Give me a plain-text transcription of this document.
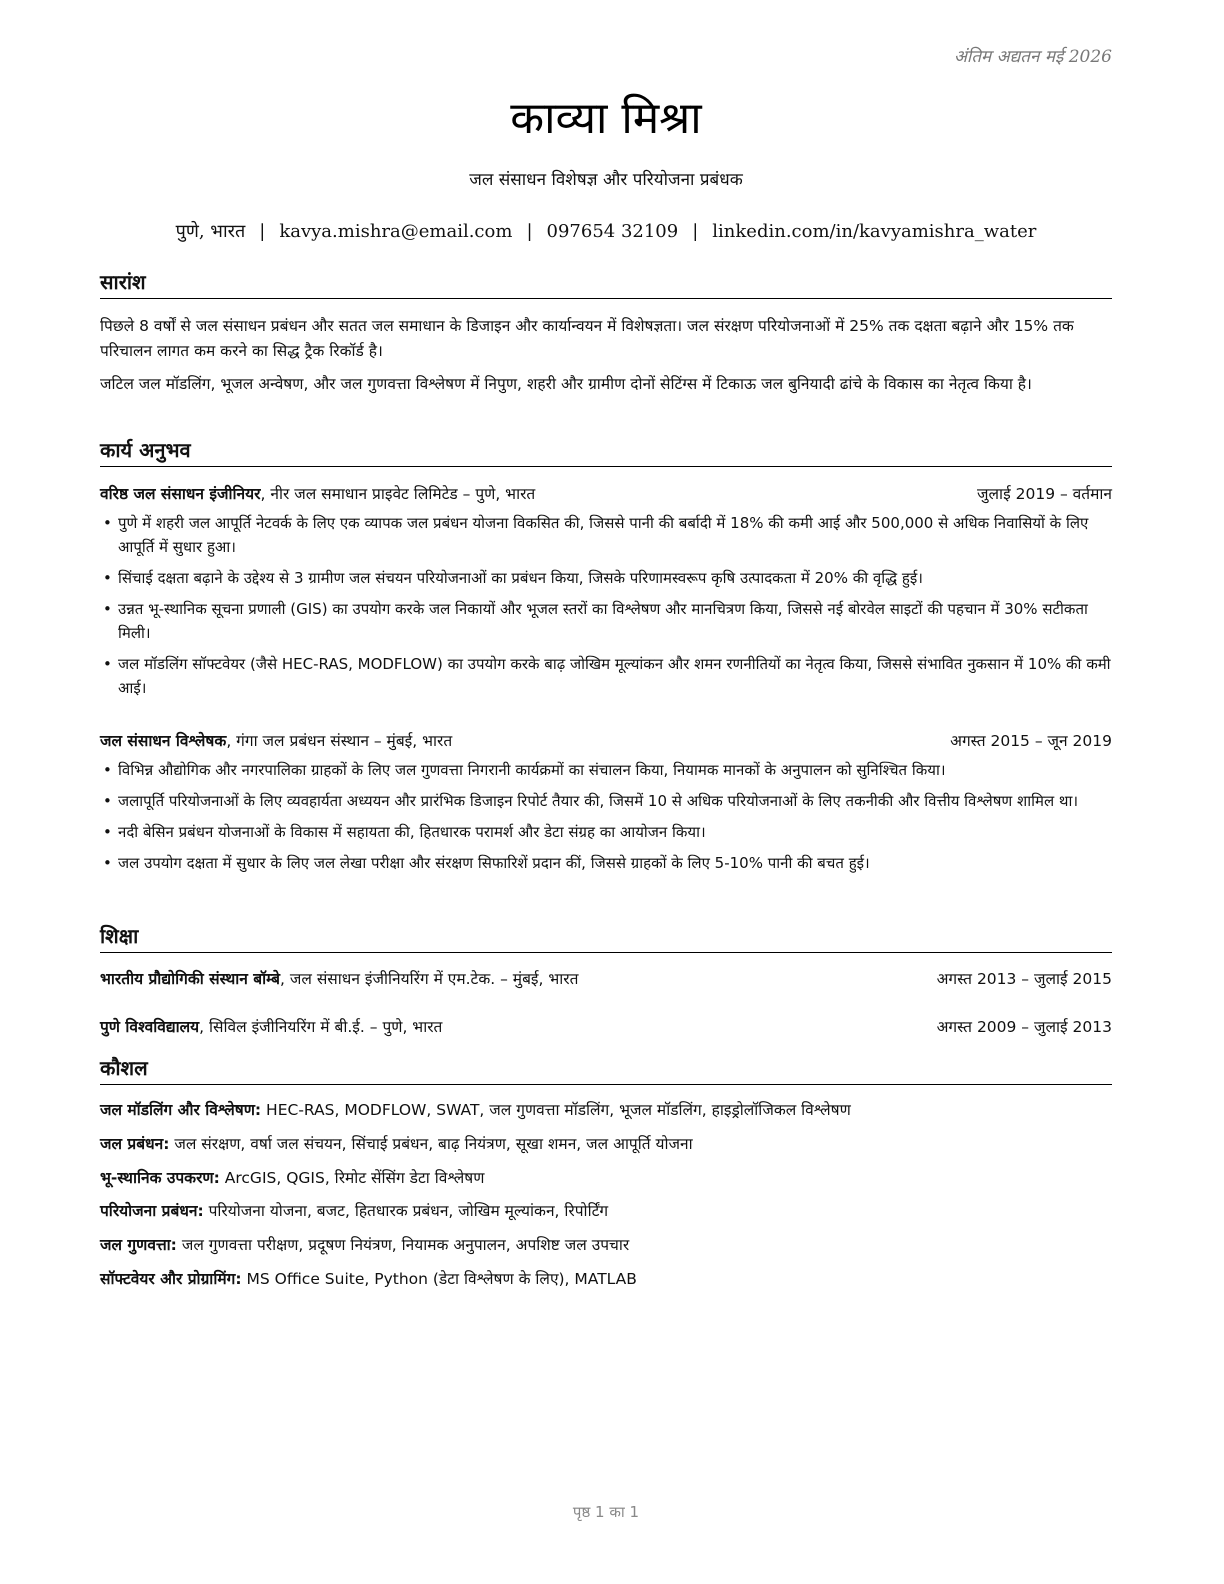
अंतिम अद्यतन मई 2026
काव्या मिश्रा
जल संसाधन विशेषज्ञ और परियोजना प्रबंधक
पुणे, भारत | kavya.mishra@email.com | 097654 32109 | linkedin.com/in/kavyamishra_water
सारांश

पिछले 8 वर्षों से जल संसाधन प्रबंधन और सतत जल समाधान के डिजाइन और कार्यान्वयन में विशेषज्ञता। जल संरक्षण परियोजनाओं में 25% तक दक्षता बढ़ाने और 15% तक परिचालन लागत कम करने का सिद्ध ट्रैक रिकॉर्ड है।

जटिल जल मॉडलिंग, भूजल अन्वेषण, और जल गुणवत्ता विश्लेषण में निपुण, शहरी और ग्रामीण दोनों सेटिंग्स में टिकाऊ जल बुनियादी ढांचे के विकास का नेतृत्व किया है।

कार्य अनुभव
वरिष्ठ जल संसाधन इंजीनियर, नीर जल समाधान प्राइवेट लिमिटेड – पुणे, भारत	जुलाई 2019 – वर्तमान
• पुणे में शहरी जल आपूर्ति नेटवर्क के लिए एक व्यापक जल प्रबंधन योजना विकसित की, जिससे पानी की बर्बादी में 18% की कमी आई और 500,000 से अधिक निवासियों के लिए आपूर्ति में सुधार हुआ।
• सिंचाई दक्षता बढ़ाने के उद्देश्य से 3 ग्रामीण जल संचयन परियोजनाओं का प्रबंधन किया, जिसके परिणामस्वरूप कृषि उत्पादकता में 20% की वृद्धि हुई।
• उन्नत भू-स्थानिक सूचना प्रणाली (GIS) का उपयोग करके जल निकायों और भूजल स्तरों का विश्लेषण और मानचित्रण किया, जिससे नई बोरवेल साइटों की पहचान में 30% सटीकता मिली।
• जल मॉडलिंग सॉफ्टवेयर (जैसे HEC-RAS, MODFLOW) का उपयोग करके बाढ़ जोखिम मूल्यांकन और शमन रणनीतियों का नेतृत्व किया, जिससे संभावित नुकसान में 10% की कमी आई।
जल संसाधन विश्लेषक, गंगा जल प्रबंधन संस्थान – मुंबई, भारत	अगस्त 2015 – जून 2019
• विभिन्न औद्योगिक और नगरपालिका ग्राहकों के लिए जल गुणवत्ता निगरानी कार्यक्रमों का संचालन किया, नियामक मानकों के अनुपालन को सुनिश्चित किया।
• जलापूर्ति परियोजनाओं के लिए व्यवहार्यता अध्ययन और प्रारंभिक डिजाइन रिपोर्ट तैयार की, जिसमें 10 से अधिक परियोजनाओं के लिए तकनीकी और वित्तीय विश्लेषण शामिल था।
• नदी बेसिन प्रबंधन योजनाओं के विकास में सहायता की, हितधारक परामर्श और डेटा संग्रह का आयोजन किया।
• जल उपयोग दक्षता में सुधार के लिए जल लेखा परीक्षा और संरक्षण सिफारिशें प्रदान कीं, जिससे ग्राहकों के लिए 5-10% पानी की बचत हुई।
शिक्षा
भारतीय प्रौद्योगिकी संस्थान बॉम्बे, जल संसाधन इंजीनियरिंग में एम.टेक. – मुंबई, भारत	अगस्त 2013 – जुलाई 2015
पुणे विश्वविद्यालय, सिविल इंजीनियरिंग में बी.ई. – पुणे, भारत	अगस्त 2009 – जुलाई 2013
कौशल
जल मॉडलिंग और विश्लेषण: HEC-RAS, MODFLOW, SWAT, जल गुणवत्ता मॉडलिंग, भूजल मॉडलिंग, हाइड्रोलॉजिकल विश्लेषण
जल प्रबंधन: जल संरक्षण, वर्षा जल संचयन, सिंचाई प्रबंधन, बाढ़ नियंत्रण, सूखा शमन, जल आपूर्ति योजना
भू-स्थानिक उपकरण: ArcGIS, QGIS, रिमोट सेंसिंग डेटा विश्लेषण
परियोजना प्रबंधन: परियोजना योजना, बजट, हितधारक प्रबंधन, जोखिम मूल्यांकन, रिपोर्टिंग
जल गुणवत्ता: जल गुणवत्ता परीक्षण, प्रदूषण नियंत्रण, नियामक अनुपालन, अपशिष्ट जल उपचार
सॉफ्टवेयर और प्रोग्रामिंग: MS Office Suite, Python (डेटा विश्लेषण के लिए), MATLAB
पृष्ठ 1 का 1
